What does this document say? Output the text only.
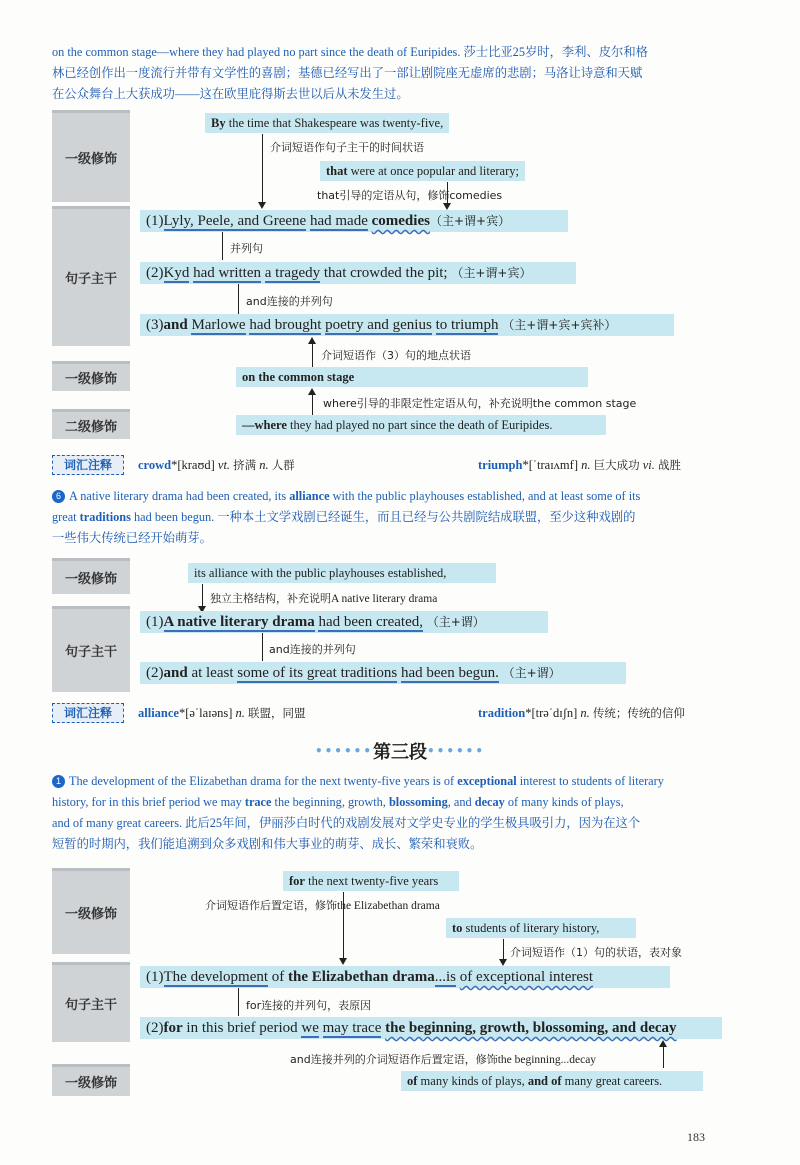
on the common stage—where they had played no part since the death of Euripides. 莎士比亚25岁时，李利、皮尔和格
林已经创作出一度流行并带有文学性的喜剧；基德已经写出了一部让剧院座无虚席的悲剧；马洛让诗意和天赋
在公众舞台上大获成功——这在欧里庇得斯去世以后从未发生过。
一级修饰
句子主干
一级修饰
二级修饰
By the time that Shakespeare was twenty-five,
介词短语作句子主干的时间状语
that were at once popular and literary;
that引导的定语从句，修饰comedies
(1)Lyly, Peele, and Greene had made comedies（主+谓+宾）
并列句
(2)Kyd had written a tragedy that crowded the pit; （主+谓+宾）
and连接的并列句
(3)and Marlowe had brought poetry and genius to triumph （主+谓+宾+宾补）
介词短语作（3）句的地点状语
on the common stage
where引导的非限定性定语从句，补充说明the common stage
—where they had played no part since the death of Euripides.
词汇注释	crowd*[kraʊd] vt. 挤满 n. 人群	triumph*[ˈtraɪʌmf] n. 巨大成功 vi. 战胜
6 A native literary drama had been created, its alliance with the public playhouses established, and at least some of its
great traditions had been begun. 一种本土文学戏剧已经诞生，而且已经与公共剧院结成联盟，至少这种戏剧的
一些伟大传统已经开始萌芽。
一级修饰
句子主干
its alliance with the public playhouses established,
独立主格结构，补充说明A native literary drama
(1)A native literary drama had been created, （主+谓）
and连接的并列句
(2)and at least some of its great traditions had been begun. （主+谓）
词汇注释	alliance*[əˈlaɪəns] n. 联盟，同盟	tradition*[trəˈdɪʃn] n. 传统；传统的信仰
••••••第三段••••••
1 The development of the Elizabethan drama for the next twenty-five years is of exceptional interest to students of literary
history, for in this brief period we may trace the beginning, growth, blossoming, and decay of many kinds of plays,
and of many great careers. 此后25年间，伊丽莎白时代的戏剧发展对文学史专业的学生极具吸引力，因为在这个
短暂的时期内，我们能追溯到众多戏剧和伟大事业的萌芽、成长、繁荣和衰败。
一级修饰
句子主干
一级修饰
for the next twenty-five years
介词短语作后置定语，修饰the Elizabethan drama
to students of literary history,
介词短语作（1）句的状语，表对象
(1)The development of the Elizabethan drama...is of exceptional interest
for连接的并列句，表原因
(2)for in this brief period we may trace the beginning, growth, blossoming, and decay
and连接并列的介词短语作后置定语，修饰the beginning...decay
of many kinds of plays, and of many great careers.
183
